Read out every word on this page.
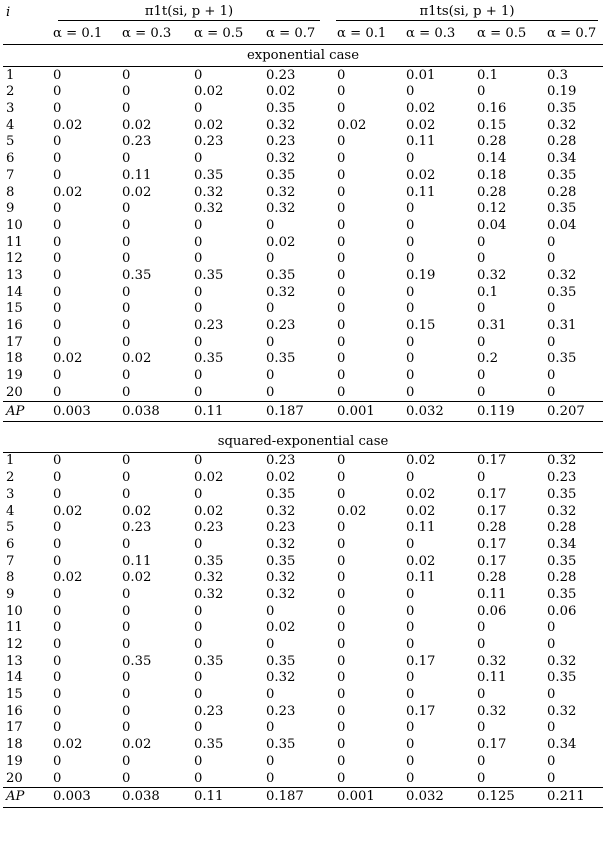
i	π1t(si, p + 1)				π1ts(si, p + 1)			
	α = 0.1	α = 0.3	α = 0.5	α = 0.7	α = 0.1	α = 0.3	α = 0.5	α = 0.7
exponential case								
1	0	0	0	0.23	0	0.01	0.1	0.3
2	0	0	0.02	0.02	0	0	0	0.19
3	0	0	0	0.35	0	0.02	0.16	0.35
4	0.02	0.02	0.02	0.32	0.02	0.02	0.15	0.32
5	0	0.23	0.23	0.23	0	0.11	0.28	0.28
6	0	0	0	0.32	0	0	0.14	0.34
7	0	0.11	0.35	0.35	0	0.02	0.18	0.35
8	0.02	0.02	0.32	0.32	0	0.11	0.28	0.28
9	0	0	0.32	0.32	0	0	0.12	0.35
10	0	0	0	0	0	0	0.04	0.04
11	0	0	0	0.02	0	0	0	0
12	0	0	0	0	0	0	0	0
13	0	0.35	0.35	0.35	0	0.19	0.32	0.32
14	0	0	0	0.32	0	0	0.1	0.35
15	0	0	0	0	0	0	0	0
16	0	0	0.23	0.23	0	0.15	0.31	0.31
17	0	0	0	0	0	0	0	0
18	0.02	0.02	0.35	0.35	0	0	0.2	0.35
19	0	0	0	0	0	0	0	0
20	0	0	0	0	0	0	0	0
AP	0.003	0.038	0.11	0.187	0.001	0.032	0.119	0.207

squared-exponential case								
1	0	0	0	0.23	0	0.02	0.17	0.32
2	0	0	0.02	0.02	0	0	0	0.23
3	0	0	0	0.35	0	0.02	0.17	0.35
4	0.02	0.02	0.02	0.32	0.02	0.02	0.17	0.32
5	0	0.23	0.23	0.23	0	0.11	0.28	0.28
6	0	0	0	0.32	0	0	0.17	0.34
7	0	0.11	0.35	0.35	0	0.02	0.17	0.35
8	0.02	0.02	0.32	0.32	0	0.11	0.28	0.28
9	0	0	0.32	0.32	0	0	0.11	0.35
10	0	0	0	0	0	0	0.06	0.06
11	0	0	0	0.02	0	0	0	0
12	0	0	0	0	0	0	0	0
13	0	0.35	0.35	0.35	0	0.17	0.32	0.32
14	0	0	0	0.32	0	0	0.11	0.35
15	0	0	0	0	0	0	0	0
16	0	0	0.23	0.23	0	0.17	0.32	0.32
17	0	0	0	0	0	0	0	0
18	0.02	0.02	0.35	0.35	0	0	0.17	0.34
19	0	0	0	0	0	0	0	0
20	0	0	0	0	0	0	0	0
AP	0.003	0.038	0.11	0.187	0.001	0.032	0.125	0.211
